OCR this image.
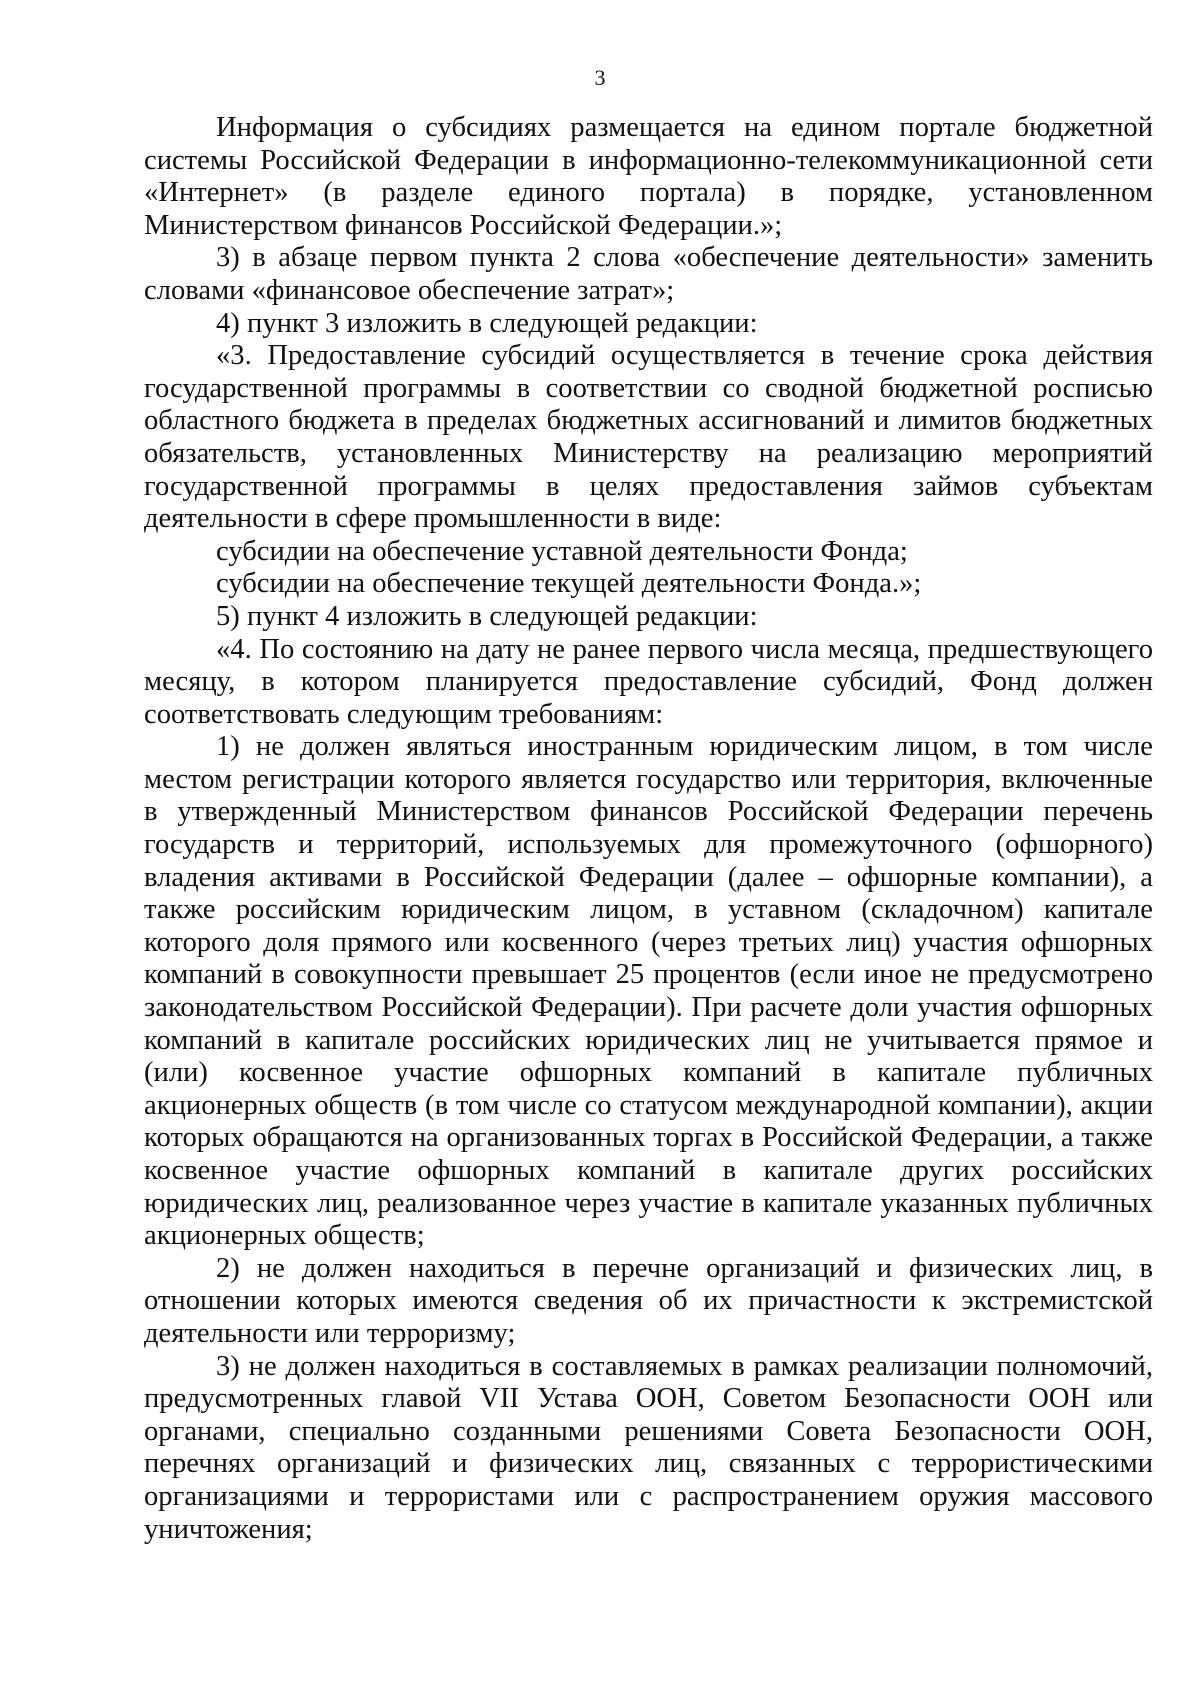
3

Информация о субсидиях размещается на едином портале бюджетной системы Российской Федерации в информационно-телекоммуникационной сети «Интернет» (в разделе единого портала) в порядке, установленном Министерством финансов Российской Федерации.»;

3) в абзаце первом пункта 2 слова «обеспечение деятельности» заменить словами «финансовое обеспечение затрат»;

4) пункт 3 изложить в следующей редакции:

«3. Предоставление субсидий осуществляется в течение срока действия государственной программы в соответствии со сводной бюджетной росписью областного бюджета в пределах бюджетных ассигнований и лимитов бюджетных обязательств, установленных Министерству на реализацию мероприятий государственной программы в целях предоставления займов субъектам деятельности в сфере промышленности в виде:

субсидии на обеспечение уставной деятельности Фонда;

субсидии на обеспечение текущей деятельности Фонда.»;

5) пункт 4 изложить в следующей редакции:

«4. По состоянию на дату не ранее первого числа месяца, предшествующего месяцу, в котором планируется предоставление субсидий, Фонд должен соответствовать следующим требованиям:

1) не должен являться иностранным юридическим лицом, в том числе местом регистрации которого является государство или территория, включенные в утвержденный Министерством финансов Российской Федерации перечень государств и территорий, используемых для промежуточного (офшорного) владения активами в Российской Федерации (далее – офшорные компании), а также российским юридическим лицом, в уставном (складочном) капитале которого доля прямого или косвенного (через третьих лиц) участия офшорных компаний в совокупности превышает 25 процентов (если иное не предусмотрено законодательством Российской Федерации). При расчете доли участия офшорных компаний в капитале российских юридических лиц не учитывается прямое и (или) косвенное участие офшорных компаний в капитале публичных акционерных обществ (в том числе со статусом международной компании), акции которых обращаются на организованных торгах в Российской Федерации, а также косвенное участие офшорных компаний в капитале других российских юридических лиц, реализованное через участие в капитале указанных публичных акционерных обществ;

2) не должен находиться в перечне организаций и физических лиц, в отношении которых имеются сведения об их причастности к экстремистской деятельности или терроризму;

3) не должен находиться в составляемых в рамках реализации полномочий, предусмотренных главой VII Устава ООН, Советом Безопасности ООН или органами, специально созданными решениями Совета Безопасности ООН, перечнях организаций и физических лиц, связанных с террористическими организациями и террористами или с распространением оружия массового уничтожения;
